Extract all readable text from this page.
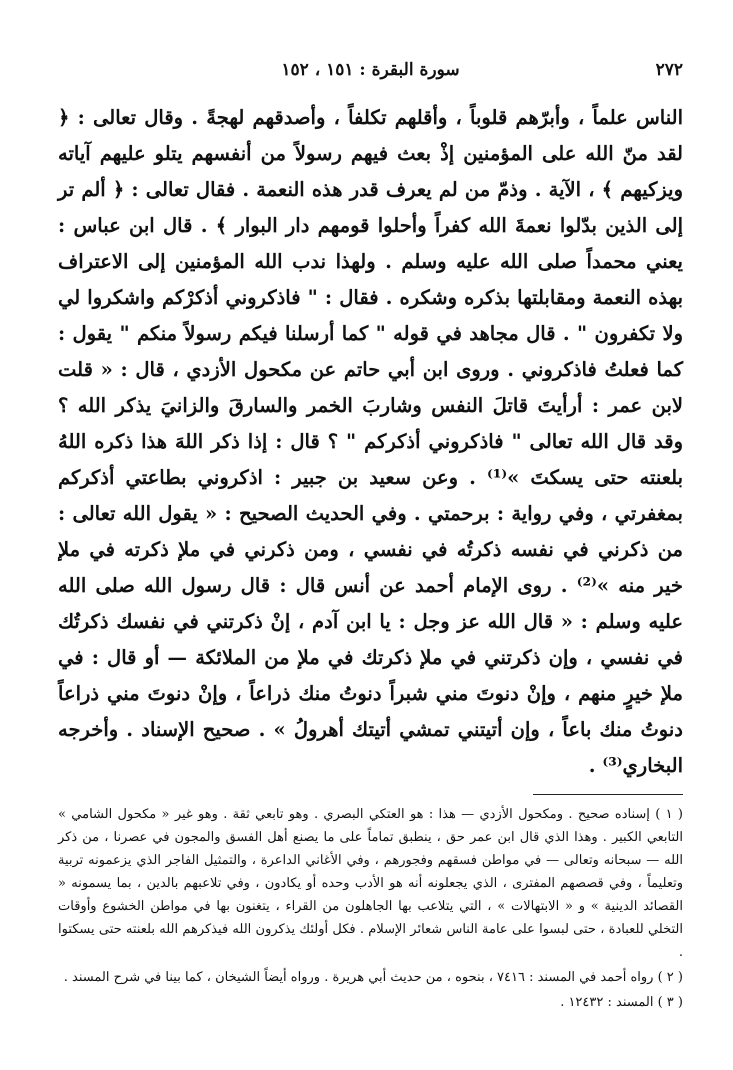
٢٧٢
سورة البقرة : ١٥١ ، ١٥٢

الناس علماً ، وأبرّهم قلوباً ، وأقلهم تكلفاً ، وأصدقهم لهجةً . وقال تعالى : ﴿ لقد منّ الله على المؤمنين إذْ بعث فيهم رسولاً من أنفسهم يتلو عليهم آياته ويزكيهم ﴾ ، الآية . وذمّ من لم يعرف قدر هذه النعمة . فقال تعالى : ﴿ ألم تر إلى الذين بدّلوا نعمةَ الله كفراً وأحلوا قومهم دار البوار ﴾ . قال ابن عباس : يعني محمداً صلى الله عليه وسلم . ولهذا ندب الله المؤمنين إلى الاعتراف بهذه النعمة ومقابلتها بذكره وشكره . فقال : " فاذكروني أذكرْكم واشكروا لي ولا تكفرون " . قال مجاهد في قوله " كما أرسلنا فيكم رسولاً منكم " يقول : كما فعلتُ فاذكروني . وروى ابن أبي حاتم عن مكحول الأزدي ، قال : « قلت لابن عمر : أرأيتَ قاتلَ النفس وشاربَ الخمر والسارقَ والزانيَ يذكر الله ؟ وقد قال الله تعالى " فاذكروني أذكركم " ؟ قال : إذا ذكر اللهَ هذا ذكره اللهُ بلعنته حتى يسكتَ »⁽¹⁾ . وعن سعيد بن جبير : اذكروني بطاعتي أذكركم بمغفرتي ، وفي رواية : برحمتي . وفي الحديث الصحيح : « يقول الله تعالى : من ذكرني في نفسه ذكرتُه في نفسي ، ومن ذكرني في ملإ ذكرته في ملإ خير منه »⁽²⁾ . روى الإمام أحمد عن أنس قال : قال رسول الله صلى الله عليه وسلم : « قال الله عز وجل : يا ابن آدم ، إنْ ذكرتني في نفسك ذكرتُك في نفسي ، وإن ذكرتني في ملإ ذكرتك في ملإ من الملائكة — أو قال : في ملإ خيرٍ منهم ، وإنْ دنوتَ مني شبراً دنوتُ منك ذراعاً ، وإنْ دنوتَ مني ذراعاً دنوتُ منك باعاً ، وإن أتيتني تمشي أتيتك أهرولُ » . صحيح الإسناد . وأخرجه البخاري⁽³⁾ .

( ١ ) إسناده صحيح . ومكحول الأزدي — هذا : هو العتكي البصري . وهو تابعي ثقة . وهو غير « مكحول الشامي » التابعي الكبير . وهذا الذي قال ابن عمر حق ، ينطبق تماماً على ما يصنع أهل الفسق والمجون في عصرنا ، من ذكر الله — سبحانه وتعالى — في مواطن فسقهم وفجورهم ، وفي الأغاني الداعرة ، والتمثيل الفاجر الذي يزعمونه تربية وتعليماً ، وفي قصصهم المفترى ، الذي يجعلونه أنه هو الأدب وحده أو يكادون ، وفي تلاعبهم بالدين ، بما يسمونه « القصائد الدينية » و « الابتهالات » ، التي يتلاعب بها الجاهلون من القراء ، يتغنون بها في مواطن الخشوع وأوقات التخلي للعبادة ، حتى لبسوا على عامة الناس شعائر الإسلام . فكل أولئك يذكرون الله فيذكرهم الله بلعنته حتى يسكتوا .

( ٢ ) رواه أحمد في المسند : ٧٤١٦ ، بنحوه ، من حديث أبي هريرة . ورواه أيضاً الشيخان ، كما بينا في شرح المسند .

( ٣ ) المسند : ١٢٤٣٢ .
